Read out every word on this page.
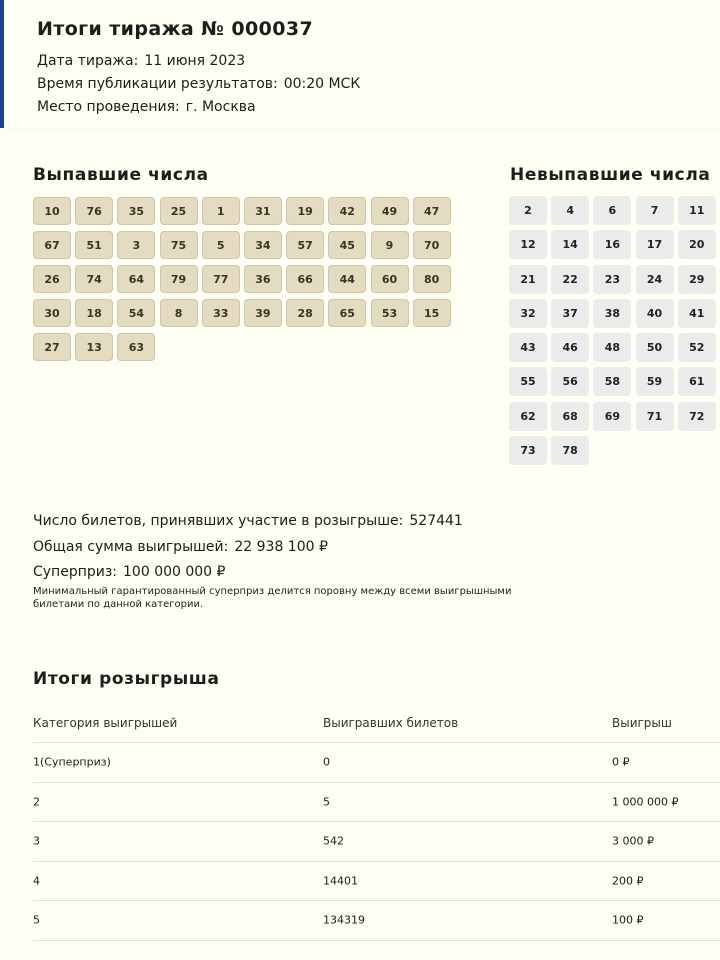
Итоги тиража № 000037

Дата тиража: 11 июня 2023

Время публикации результатов: 00:20 МСК

Место проведения: г. Москва

Выпавшие числа
10	76	35	25	1	31	19	42	49	47
67	51	3	75	5	34	57	45	9	70
26	74	64	79	77	36	66	44	60	80
30	18	54	8	33	39	28	65	53	15
27	13	63
Невыпавшие числа
2	4	6	7	11
12	14	16	17	20
21	22	23	24	29
32	37	38	40	41
43	46	48	50	52
55	56	58	59	61
62	68	69	71	72
73	78

Число билетов, принявших участие в розыгрыше: 527441

Общая сумма выигрышей: 22 938 100 ₽

Суперприз: 100 000 000 ₽

Минимальный гарантированный суперприз делится поровну между всеми выигрышными билетами по данной категории.

Итоги розыгрыша
Категория выигрышей	Выигравших билетов	Выигрыш
1(Суперприз)	0	0 ₽
2	5	1 000 000 ₽
3	542	3 000 ₽
4	14401	200 ₽
5	134319	100 ₽
